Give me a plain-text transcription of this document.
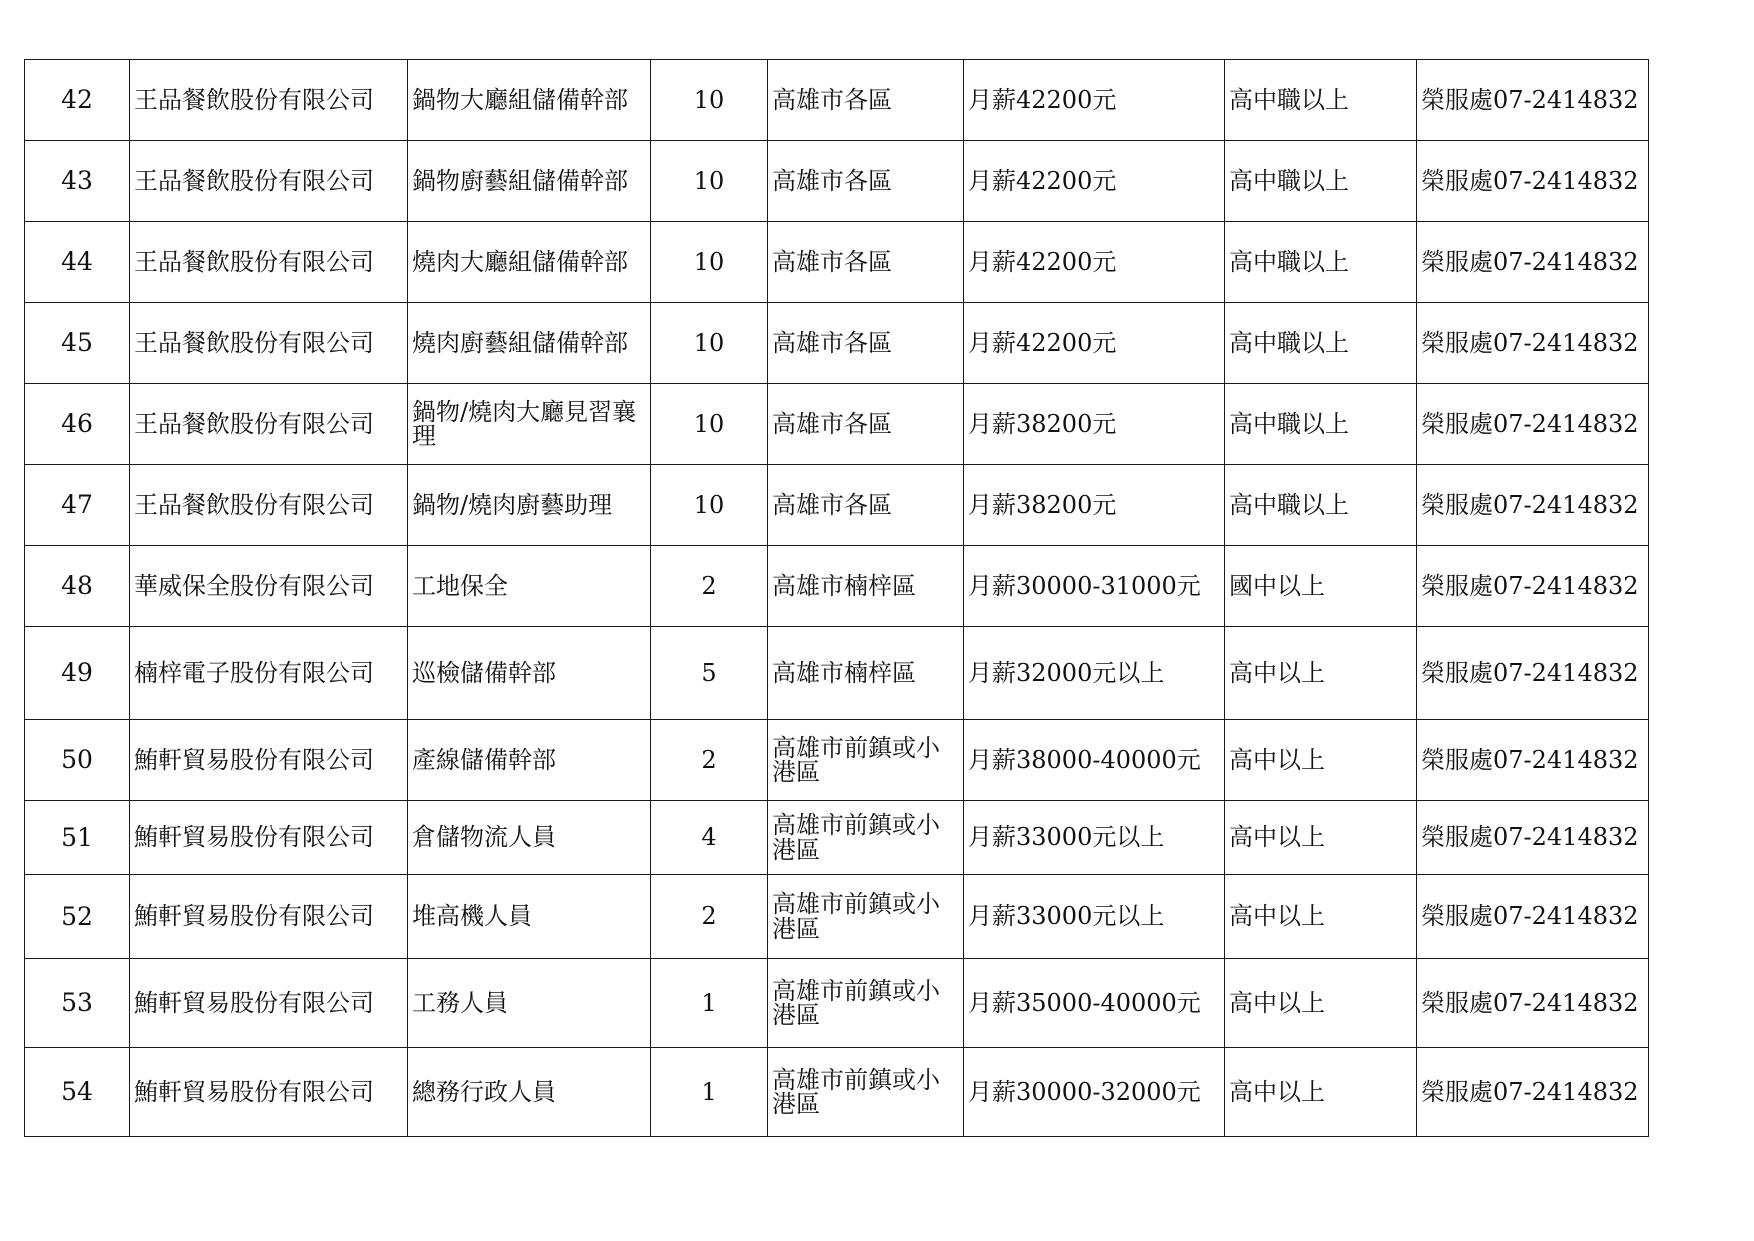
42	王品餐飲股份有限公司	鍋物大廳組儲備幹部	10	高雄市各區	月薪42200元	高中職以上	榮服處07-2414832
43	王品餐飲股份有限公司	鍋物廚藝組儲備幹部	10	高雄市各區	月薪42200元	高中職以上	榮服處07-2414832
44	王品餐飲股份有限公司	燒肉大廳組儲備幹部	10	高雄市各區	月薪42200元	高中職以上	榮服處07-2414832
45	王品餐飲股份有限公司	燒肉廚藝組儲備幹部	10	高雄市各區	月薪42200元	高中職以上	榮服處07-2414832
46	王品餐飲股份有限公司	鍋物/燒肉大廳見習襄理	10	高雄市各區	月薪38200元	高中職以上	榮服處07-2414832
47	王品餐飲股份有限公司	鍋物/燒肉廚藝助理	10	高雄市各區	月薪38200元	高中職以上	榮服處07-2414832
48	華威保全股份有限公司	工地保全	2	高雄市楠梓區	月薪30000-31000元	國中以上	榮服處07-2414832
49	楠梓電子股份有限公司	巡檢儲備幹部	5	高雄市楠梓區	月薪32000元以上	高中以上	榮服處07-2414832
50	鮪軒貿易股份有限公司	產線儲備幹部	2	高雄市前鎮或小港區	月薪38000-40000元	高中以上	榮服處07-2414832
51	鮪軒貿易股份有限公司	倉儲物流人員	4	高雄市前鎮或小港區	月薪33000元以上	高中以上	榮服處07-2414832
52	鮪軒貿易股份有限公司	堆高機人員	2	高雄市前鎮或小港區	月薪33000元以上	高中以上	榮服處07-2414832
53	鮪軒貿易股份有限公司	工務人員	1	高雄市前鎮或小港區	月薪35000-40000元	高中以上	榮服處07-2414832
54	鮪軒貿易股份有限公司	總務行政人員	1	高雄市前鎮或小港區	月薪30000-32000元	高中以上	榮服處07-2414832
